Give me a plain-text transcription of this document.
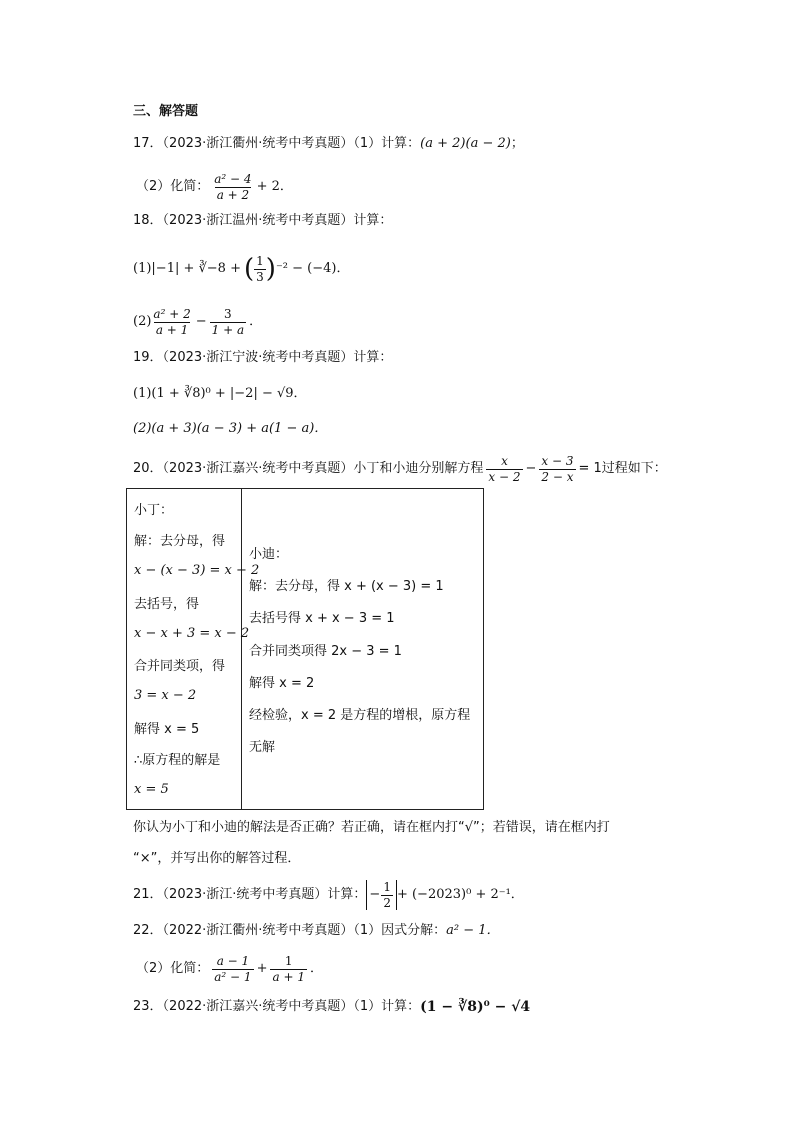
三、解答题
17．（2023·浙江衢州·统考中考真题）（1）计算： (a + 2)(a − 2) ；
（2）化简： $\frac{\text{a² − 4}}{a + 2} + 2$．
18．（2023·浙江温州·统考中考真题）计算：
(1) |−1| + ∛−8 + ( $\frac{1}{3}$ ) ⁻² − (−4)．
$(2) \frac{\text{a² + 2}}{a + 1} - \frac{3}{1 + a}$ ．
19．（2023·浙江宁波·统考中考真题）计算：
(1)(1 + ∛8)⁰ + |−2| − √9．
(2)(a + 3)(a − 3) + a(1 − a)．
20．（2023·浙江嘉兴·统考中考真题）小丁和小迪分别解方程 $\frac{x}{x - 2} - \frac{x - 3}{2 - x} = 1$过程如下：
小丁：
解：去分母，得
x − (x − 3) = x − 2
去括号，得
x − x + 3 = x − 2
合并同类项，得
3 = x − 2
解得 x = 5
∴原方程的解是
x = 5

小迪：
解：去分母，得 x + (x − 3) = 1
去括号得 x + x − 3 = 1
合并同类项得 2x − 3 = 1
解得 x = 2
经检验，x = 2 是方程的增根，原方程
无解
你认为小丁和小迪的解法是否正确？若正确，请在框内打“√”；若错误，请在框内打
“×”，并写出你的解答过程．
21．（2023·浙江·统考中考真题）计算： − $\frac{1}{2} + (-2023)^0 + 2^{-1}$．
22．（2022·浙江衢州·统考中考真题）（1）因式分解： a² − 1．
（2）化简： $\frac{a - 1}{\text{a² − 1}} + \frac{1}{a + 1}$ ．
23．（2022·浙江嘉兴·统考中考真题）（1）计算： (1 − ∛8)⁰ − √4
